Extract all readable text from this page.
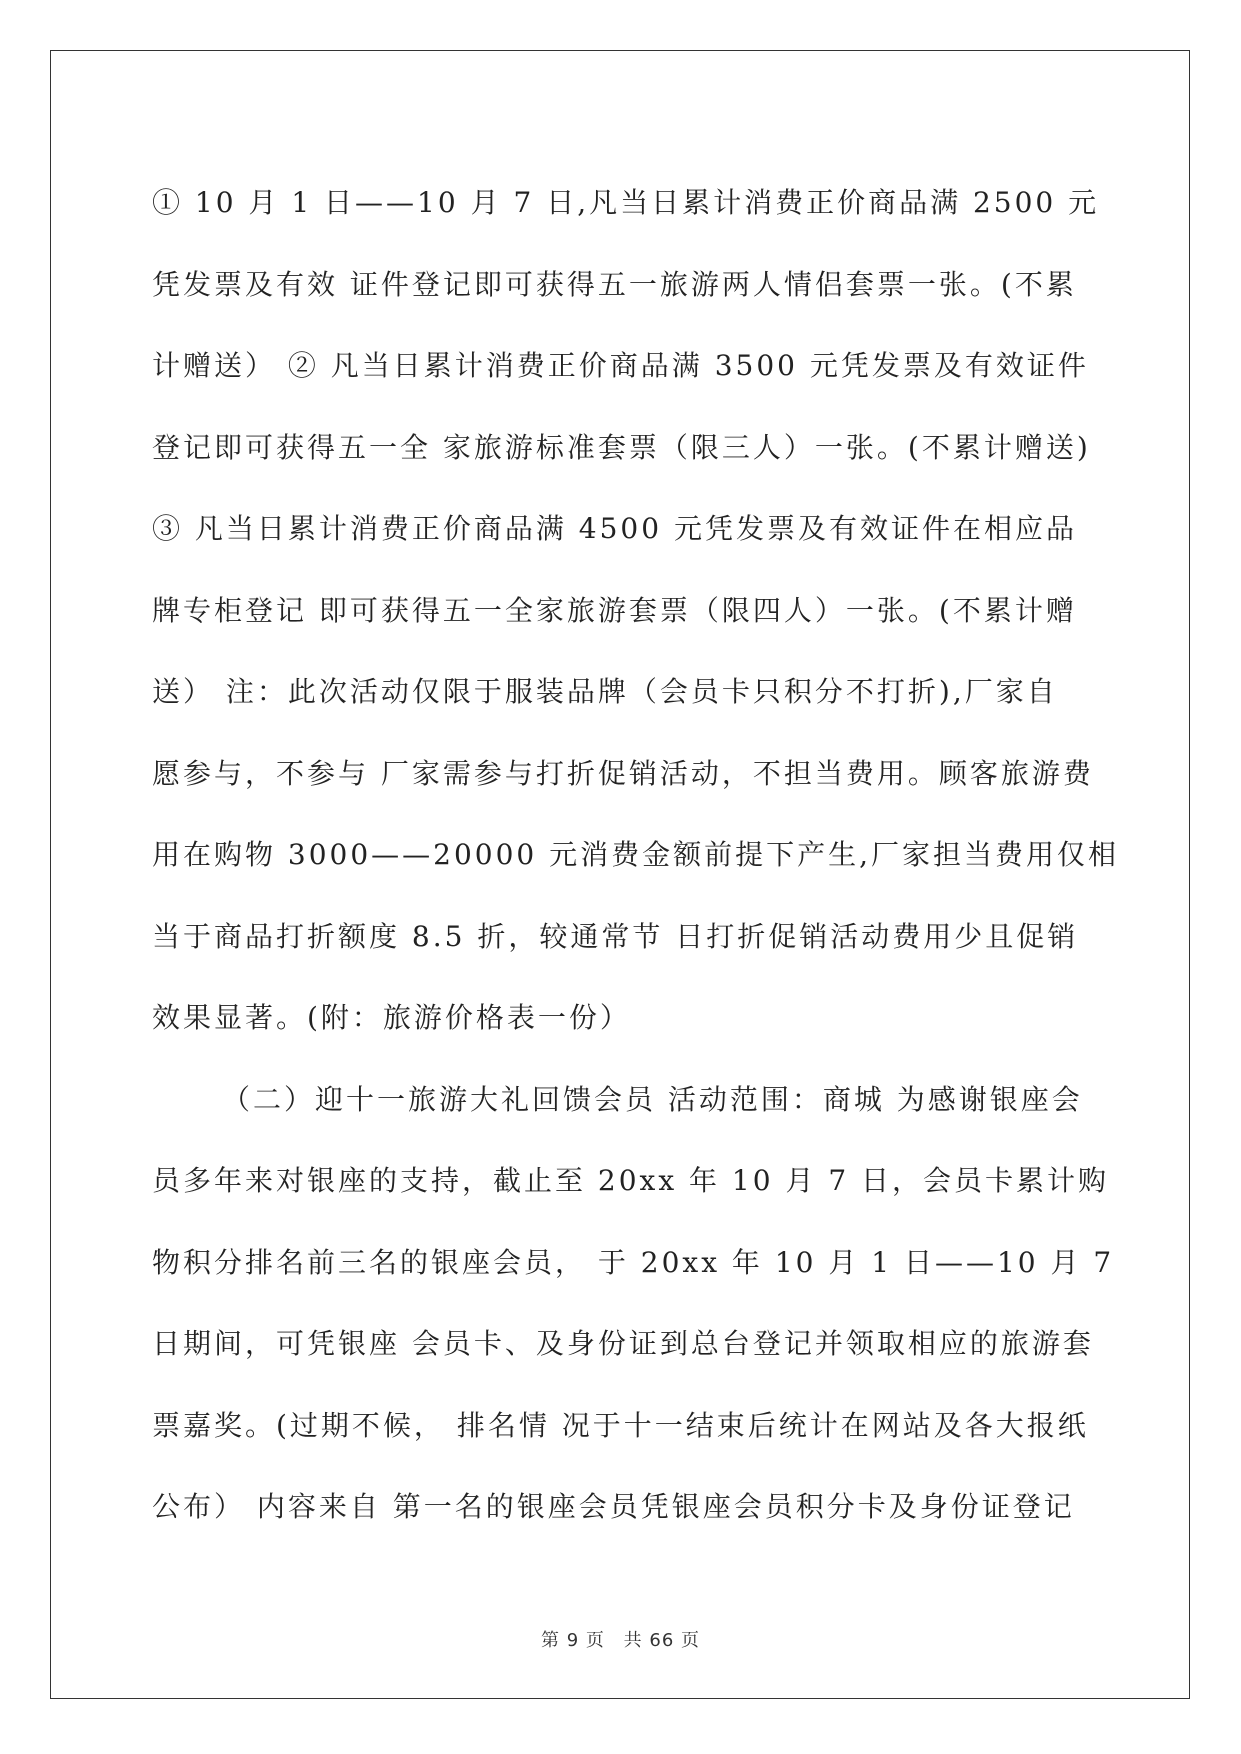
① 10 月 1 日——10 月 7 日,凡当日累计消费正价商品满 2500 元
凭发票及有效 证件登记即可获得五一旅游两人情侣套票一张。(不累
计赠送） ② 凡当日累计消费正价商品满 3500 元凭发票及有效证件
登记即可获得五一全 家旅游标准套票（限三人）一张。(不累计赠送)
③ 凡当日累计消费正价商品满 4500 元凭发票及有效证件在相应品
牌专柜登记 即可获得五一全家旅游套票（限四人）一张。(不累计赠
送） 注：此次活动仅限于服装品牌（会员卡只积分不打折),厂家自
愿参与，不参与 厂家需参与打折促销活动，不担当费用。顾客旅游费
用在购物 3000——20000 元消费金额前提下产生,厂家担当费用仅相
当于商品打折额度 8.5 折，较通常节 日打折促销活动费用少且促销
效果显著。(附：旅游价格表一份）
（二）迎十一旅游大礼回馈会员 活动范围：商城 为感谢银座会
员多年来对银座的支持，截止至 20xx 年 10 月 7 日，会员卡累计购
物积分排名前三名的银座会员， 于 20xx 年 10 月 1 日——10 月 7
日期间，可凭银座 会员卡、及身份证到总台登记并领取相应的旅游套
票嘉奖。(过期不候， 排名情 况于十一结束后统计在网站及各大报纸
公布） 内容来自 第一名的银座会员凭银座会员积分卡及身份证登记
第 9 页 共 66 页
